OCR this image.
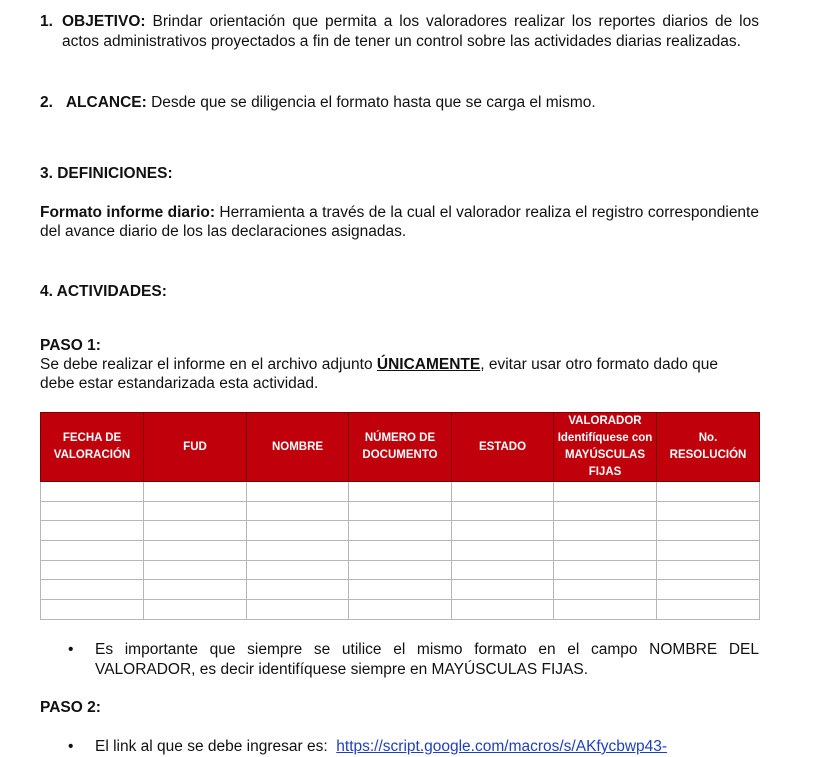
1. OBJETIVO: Brindar orientación que permita a los valoradores realizar los reportes diarios de los actos administrativos proyectados a fin de tener un control sobre las actividades diarias realizadas.
2. ALCANCE: Desde que se diligencia el formato hasta que se carga el mismo.
3. DEFINICIONES:
Formato informe diario: Herramienta a través de la cual el valorador realiza el registro correspondiente del avance diario de los las declaraciones asignadas.
4. ACTIVIDADES:
PASO 1:
Se debe realizar el informe en el archivo adjunto ÚNICAMENTE, evitar usar otro formato dado que debe estar estandarizada esta actividad.
FECHA DE VALORACIÓN	FUD	NOMBRE	NÚMERO DE DOCUMENTO	ESTADO	VALORADOR Identifíquese con MAYÚSCULAS FIJAS	No. RESOLUCIÓN

• Es importante que siempre se utilice el mismo formato en el campo NOMBRE DEL VALORADOR, es decir identifíquese siempre en MAYÚSCULAS FIJAS.
PASO 2:
• El link al que se debe ingresar es: https://script.google.com/macros/s/AKfycbwp43-
